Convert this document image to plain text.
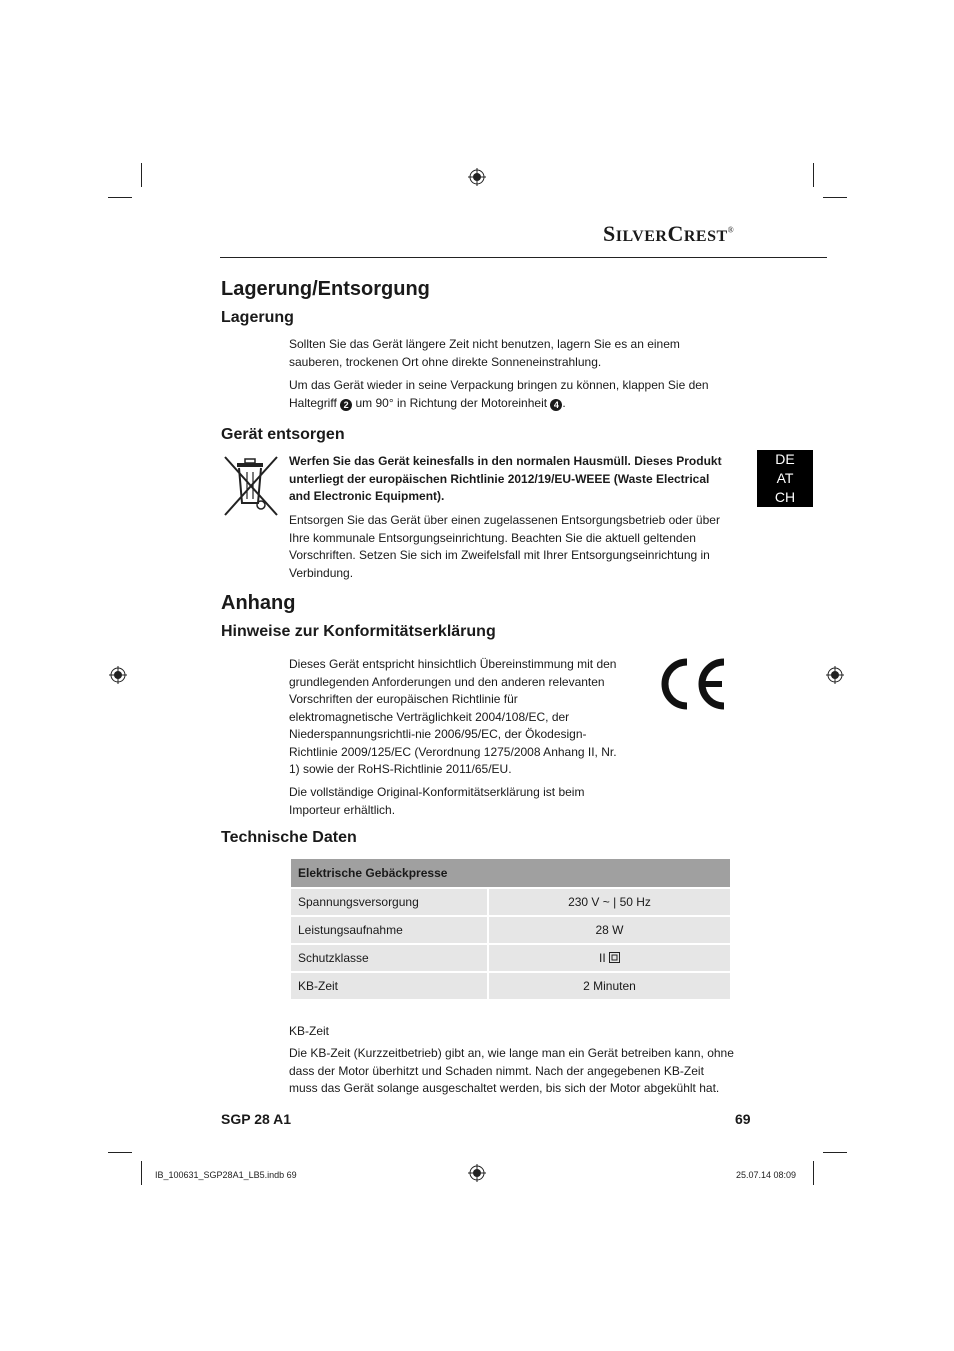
SILVERCREST®
Lagerung/Entsorgung
Lagerung

Sollten Sie das Gerät längere Zeit nicht benutzen, lagern Sie es an einem sauberen, trockenen Ort ohne direkte Sonneneinstrahlung.

Um das Gerät wieder in seine Verpackung bringen zu können, klappen Sie den Haltegriff 2 um 90° in Richtung der Motoreinheit 4 .

Gerät entsorgen

Werfen Sie das Gerät keinesfalls in den normalen Hausmüll. Dieses Produkt unterliegt der europäischen Richtlinie 2012/19/EU-WEEE (Waste Electrical and Electronic Equipment).

Entsorgen Sie das Gerät über einen zugelassenen Entsorgungsbetrieb oder über Ihre kommunale Entsorgungseinrichtung. Beachten Sie die aktuell geltenden Vorschriften. Setzen Sie sich im Zweifelsfall mit Ihrer Entsorgungseinrichtung in Verbindung.

DE
AT
CH
Anhang
Hinweise zur Konformitätserklärung

Dieses Gerät entspricht hinsichtlich Übereinstimmung mit den grundlegenden Anforderungen und den anderen relevanten Vorschriften der europäischen Richtlinie für elektromagnetische Verträglichkeit 2004/108/EC, der Niederspannungsrichtli-nie 2006/95/EC, der Ökodesign-Richtlinie 2009/125/EC (Verordnung 1275/2008 Anhang II, Nr. 1) sowie der RoHS-Richtlinie 2011/65/EU.

Die vollständige Original-Konformitätserklärung ist beim Importeur erhältlich.

Technische Daten
Elektrische Gebäckpresse	
Spannungsversorgung	230 V ~ | 50 Hz
Leistungsaufnahme	28 W
Schutzklasse	II
KB-Zeit	2 Minuten

KB-Zeit

Die KB-Zeit (Kurzzeitbetrieb) gibt an, wie lange man ein Gerät betreiben kann, ohne dass der Motor überhitzt und Schaden nimmt. Nach der angegebenen KB-Zeit muss das Gerät solange ausgeschaltet werden, bis sich der Motor abgekühlt hat.

SGP 28 A1	69
IB_100631_SGP28A1_LB5.indb 69	25.07.14 08:09
